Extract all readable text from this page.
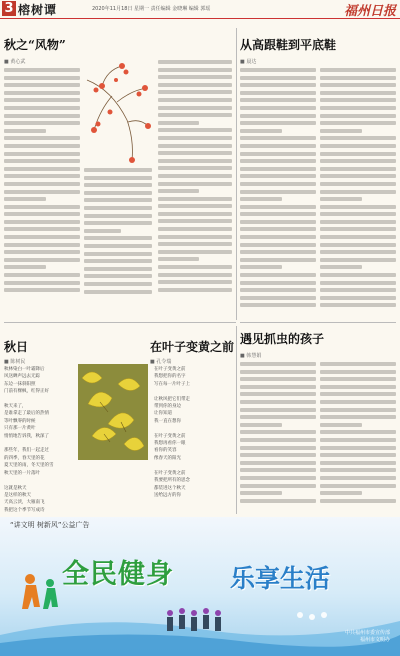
3 榕树谭	2020年11月18日 星期一 责任编辑 金晓琳 编辑 郭瑶	福州日报
秋之“风物”
■ 黄心武
从高跟鞋到平底鞋
■ 晨达
遇见抓虫的孩子
■ 韩慧娟
秋日
■ 陈树民
秋林染白一叶霜降后
风送蝉声远去无踪
东边一抹斜阳照
门前有棵枫，红得正好

秋天来了，
是谁拿走了最后的热情
等叶飘零的时候
只有那一片黄叶
悄悄地告诉我，秋深了

那些年，我们一起走过
的四季，春天里的花
夏天里的雨，冬天里的雪
秋天里的一片落叶

这就是秋天
是这样的秋天
天高云淡，大雁南飞
我把这个季节写成诗
在叶子变黄之前
■ 孔令瑞
在叶子变黄之前
我想把你的名字
写在每一片叶子上

让秋风把它们带走
带到你的身边
让你知道
我一直在想你

在叶子变黄之前
我想再看你一眼
看你的笑容
像春天的阳光

在叶子变黄之前
我要把所有的思念
都装进这个秋天
送给远方的你
“讲文明 树新风”公益广告
全民健身 乐享生活
中共福州市委宣传部
福州市文明办
